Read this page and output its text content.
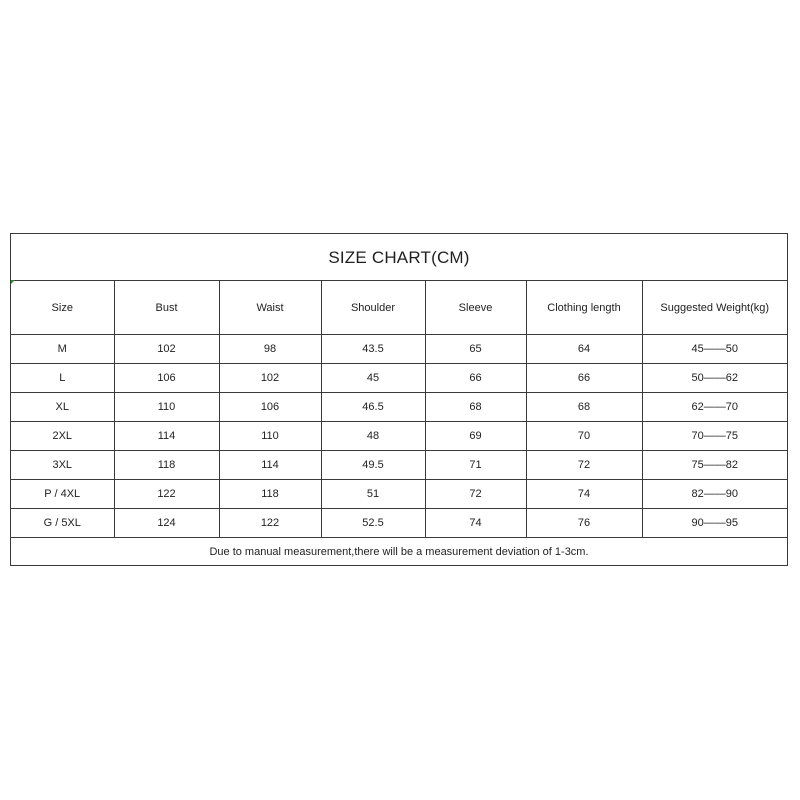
SIZE CHART(CM)
Size	Bust	Waist	Shoulder	Sleeve	Clothing length	Suggested Weight(kg)
M	102	98	43.5	65	64	45——50
L	106	102	45	66	66	50——62
XL	110	106	46.5	68	68	62——70
2XL	114	110	48	69	70	70——75
3XL	118	114	49.5	71	72	75——82
P / 4XL	122	118	51	72	74	82——90
G / 5XL	124	122	52.5	74	76	90——95
Due to manual measurement,there will be a measurement deviation of 1-3cm.						
